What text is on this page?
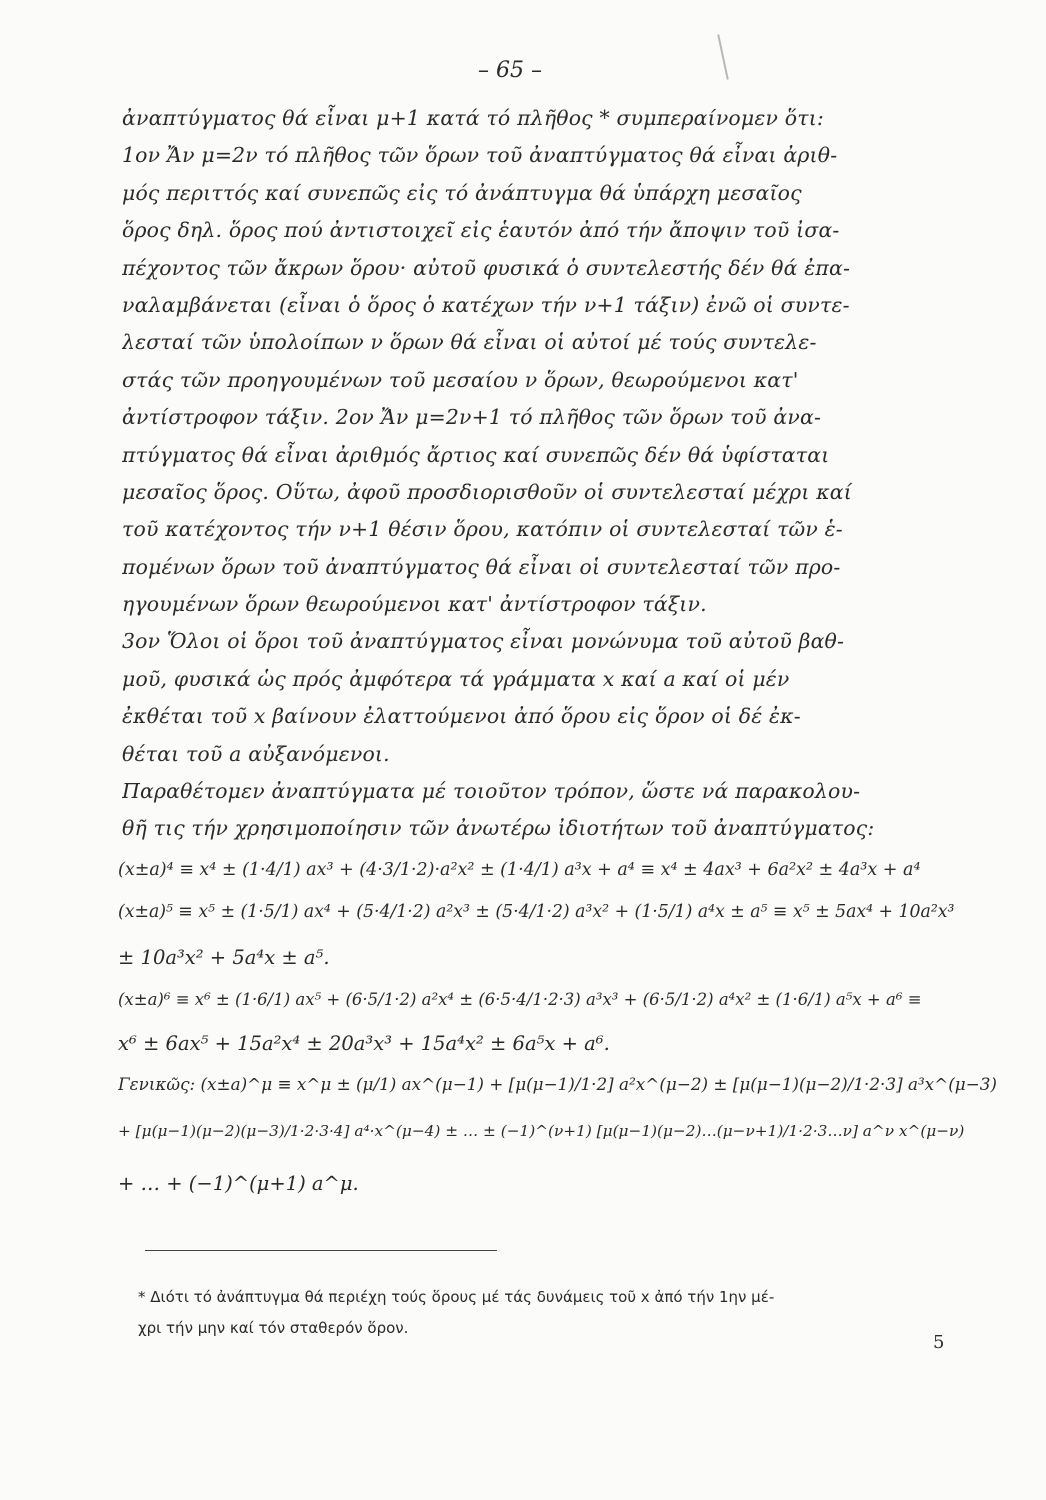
– 65 –
ἀναπτύγματος θά εἶναι μ+1 κατά τό πλῆθος * συμπεραίνομεν ὅτι:
1ον Ἄν μ=2ν τό πλῆθος τῶν ὅρων τοῦ ἀναπτύγματος θά εἶναι ἀριθ-
μός περιττός καί συνεπῶς εἰς τό ἀνάπτυγμα θά ὑπάρχη μεσαῖος
ὅρος δηλ. ὅρος πού ἀντιστοιχεῖ εἰς ἑαυτόν ἀπό τήν ἄποψιν τοῦ ἰσα-
πέχοντος τῶν ἄκρων ὅρου· αὐτοῦ φυσικά ὁ συντελεστής δέν θά ἐπα-
ναλαμβάνεται (εἶναι ὁ ὅρος ὁ κατέχων τήν ν+1 τάξιν) ἐνῶ οἱ συντε-
λεσταί τῶν ὑπολοίπων ν ὅρων θά εἶναι οἱ αὐτοί μέ τούς συντελε-
στάς τῶν προηγουμένων τοῦ μεσαίου ν ὅρων, θεωρούμενοι κατ'
ἀντίστροφον τάξιν. 2ον Ἄν μ=2ν+1 τό πλῆθος τῶν ὅρων τοῦ ἀνα-
πτύγματος θά εἶναι ἀριθμός ἄρτιος καί συνεπῶς δέν θά ὑφίσταται
μεσαῖος ὅρος. Οὕτω, ἀφοῦ προσδιορισθοῦν οἱ συντελεσταί μέχρι καί
τοῦ κατέχοντος τήν ν+1 θέσιν ὅρου, κατόπιν οἱ συντελεσταί τῶν ἑ-
πομένων ὅρων τοῦ ἀναπτύγματος θά εἶναι οἱ συντελεσταί τῶν προ-
ηγουμένων ὅρων θεωρούμενοι κατ' ἀντίστροφον τάξιν.
3ον Ὅλοι οἱ ὅροι τοῦ ἀναπτύγματος εἶναι μονώνυμα τοῦ αὐτοῦ βαθ-
μοῦ, φυσικά ὡς πρός ἀμφότερα τά γράμματα x καί a καί οἱ μέν
ἐκθέται τοῦ x βαίνουν ἐλαττούμενοι ἀπό ὅρου εἰς ὅρον οἱ δέ ἐκ-
θέται τοῦ a αὐξανόμενοι.
Παραθέτομεν ἀναπτύγματα μέ τοιοῦτον τρόπον, ὥστε νά παρακολου-
θῆ τις τήν χρησιμοποίησιν τῶν ἀνωτέρω ἰδιοτήτων τοῦ ἀναπτύγματος:
(x±a)⁴ ≡ x⁴ ± (1·4/1) ax³ + (4·3/1·2)·a²x² ± (1·4/1) a³x + a⁴ ≡ x⁴ ± 4ax³ + 6a²x² ± 4a³x + a⁴
(x±a)⁵ ≡ x⁵ ± (1·5/1) ax⁴ + (5·4/1·2) a²x³ ± (5·4/1·2) a³x² + (1·5/1) a⁴x ± a⁵ ≡ x⁵ ± 5ax⁴ + 10a²x³
± 10a³x² + 5a⁴x ± a⁵.
(x±a)⁶ ≡ x⁶ ± (1·6/1) ax⁵ + (6·5/1·2) a²x⁴ ± (6·5·4/1·2·3) a³x³ + (6·5/1·2) a⁴x² ± (1·6/1) a⁵x + a⁶ ≡
x⁶ ± 6ax⁵ + 15a²x⁴ ± 20a³x³ + 15a⁴x² ± 6a⁵x + a⁶.
Γενικῶς: (x±a)^μ ≡ x^μ ± (μ/1) ax^(μ−1) + [μ(μ−1)/1·2] a²x^(μ−2) ± [μ(μ−1)(μ−2)/1·2·3] a³x^(μ−3)
+ [μ(μ−1)(μ−2)(μ−3)/1·2·3·4] a⁴·x^(μ−4) ± … ± (−1)^(ν+1) [μ(μ−1)(μ−2)…(μ−ν+1)/1·2·3…ν] a^ν x^(μ−ν)
+ … + (−1)^(μ+1) a^μ.
* Διότι τό ἀνάπτυγμα θά περιέχη τούς ὅρους μέ τάς δυνάμεις τοῦ x ἀπό τήν 1ην μέ-
χρι τήν μην καί τόν σταθερόν ὅρον.
5
